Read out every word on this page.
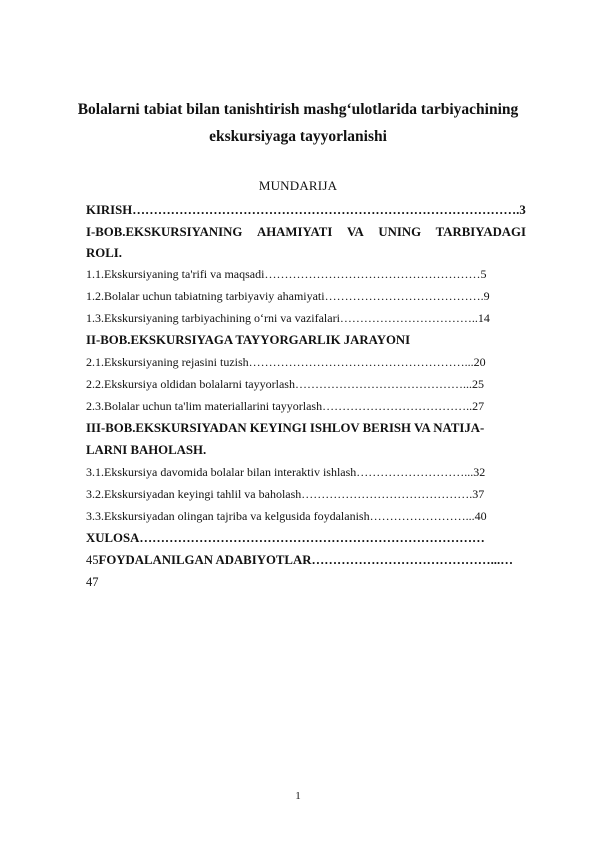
Bolalarni tabiat bilan tanishtirish mashgʻulotlarida tarbiyachining
ekskursiyaga tayyorlanishi
MUNDARIJA
KIRISH……………………………………………………………………………….3
I-BOB.EKSKURSIYANING AHAMIYATI VA UNING TARBIYADAGI
ROLI.
1.1.Ekskursiyaning ta'rifi va maqsadi………………………………………………5
1.2.Bolalar uchun tabiatning tarbiyaviy ahamiyati………………………………….9
1.3.Ekskursiyaning tarbiyachining oʻrni va vazifalari……………………………..14
II-BOB.EKSKURSIYAGA TAYYORGARLIK JARAYONI
2.1.Ekskursiyaning rejasini tuzish………………………………………………...20
2.2.Ekskursiya oldidan bolalarni tayyorlash……………………………………...25
2.3.Bolalar uchun ta'lim materiallarini tayyorlash………………………………..27
III-BOB.EKSKURSIYADAN KEYINGI ISHLOV BERISH VA NATIJA-
LARNI BAHOLASH.
3.1.Ekskursiya davomida bolalar bilan interaktiv ishlash………………………...32
3.2.Ekskursiyadan keyingi tahlil va baholash…………………………………….37
3.3.Ekskursiyadan olingan tajriba va kelgusida foydalanish……………………...40
XULOSA………………………………………………………………………
45FOYDALANILGAN ADABIYOTLAR……………………………………...…
47
1
